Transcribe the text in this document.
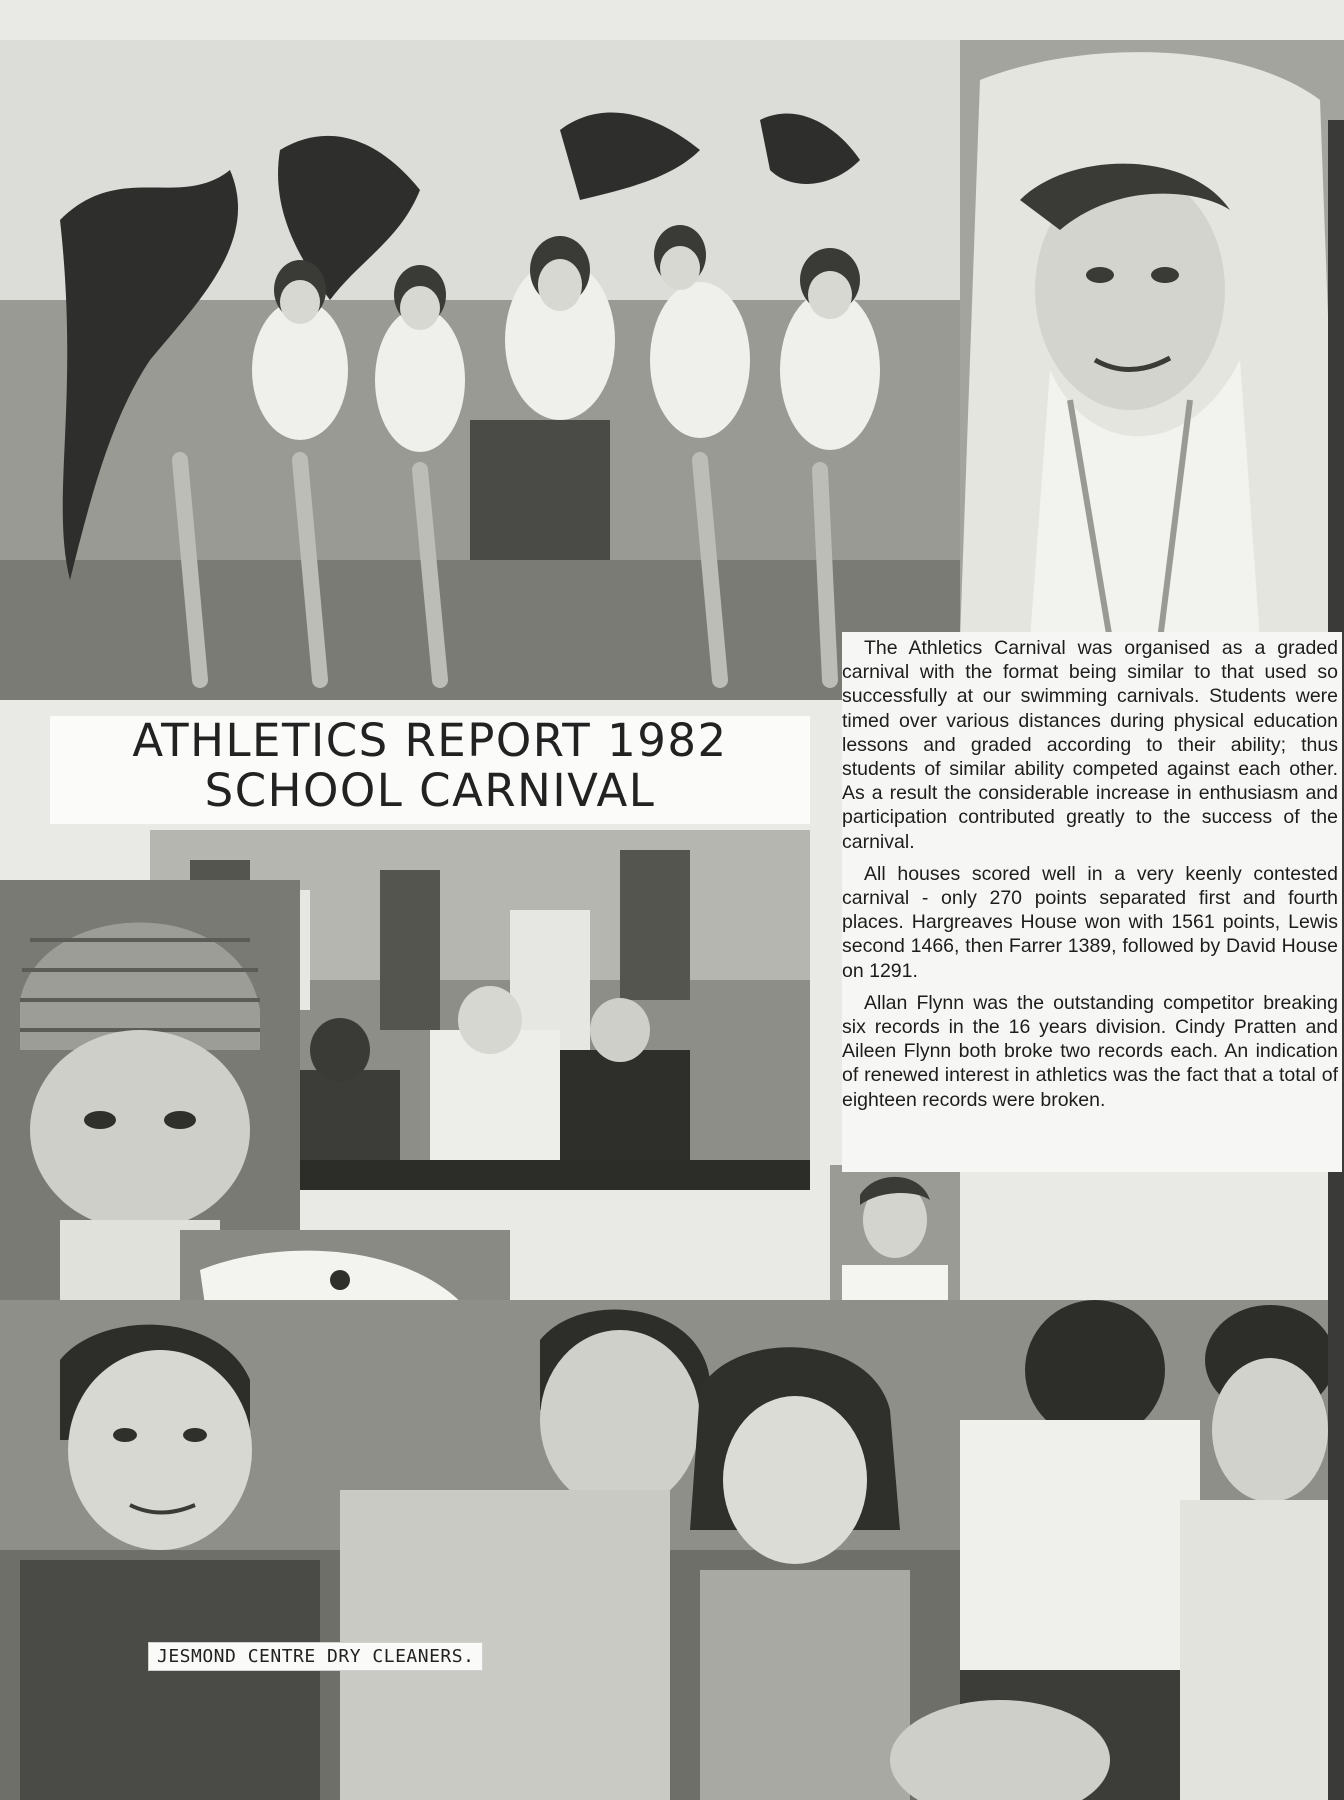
ATHLETICS REPORT 1982
SCHOOL CARNIVAL

The Athletics Carnival was organised as a graded carnival with the format being similar to that used so successfully at our swimming carnivals. Students were timed over various distances during physical education lessons and graded according to their ability; thus students of similar ability competed against each other. As a result the considerable increase in enthusiasm and participation contributed greatly to the success of the carnival.

All houses scored well in a very keenly contested carnival - only 270 points separated first and fourth places. Hargreaves House won with 1561 points, Lewis second 1466, then Farrer 1389, followed by David House on 1291.

Allan Flynn was the outstanding competitor breaking six records in the 16 years division. Cindy Pratten and Aileen Flynn both broke two records each. An indication of renewed interest in athletics was the fact that a total of eighteen records were broken.

JESMOND CENTRE DRY CLEANERS.
